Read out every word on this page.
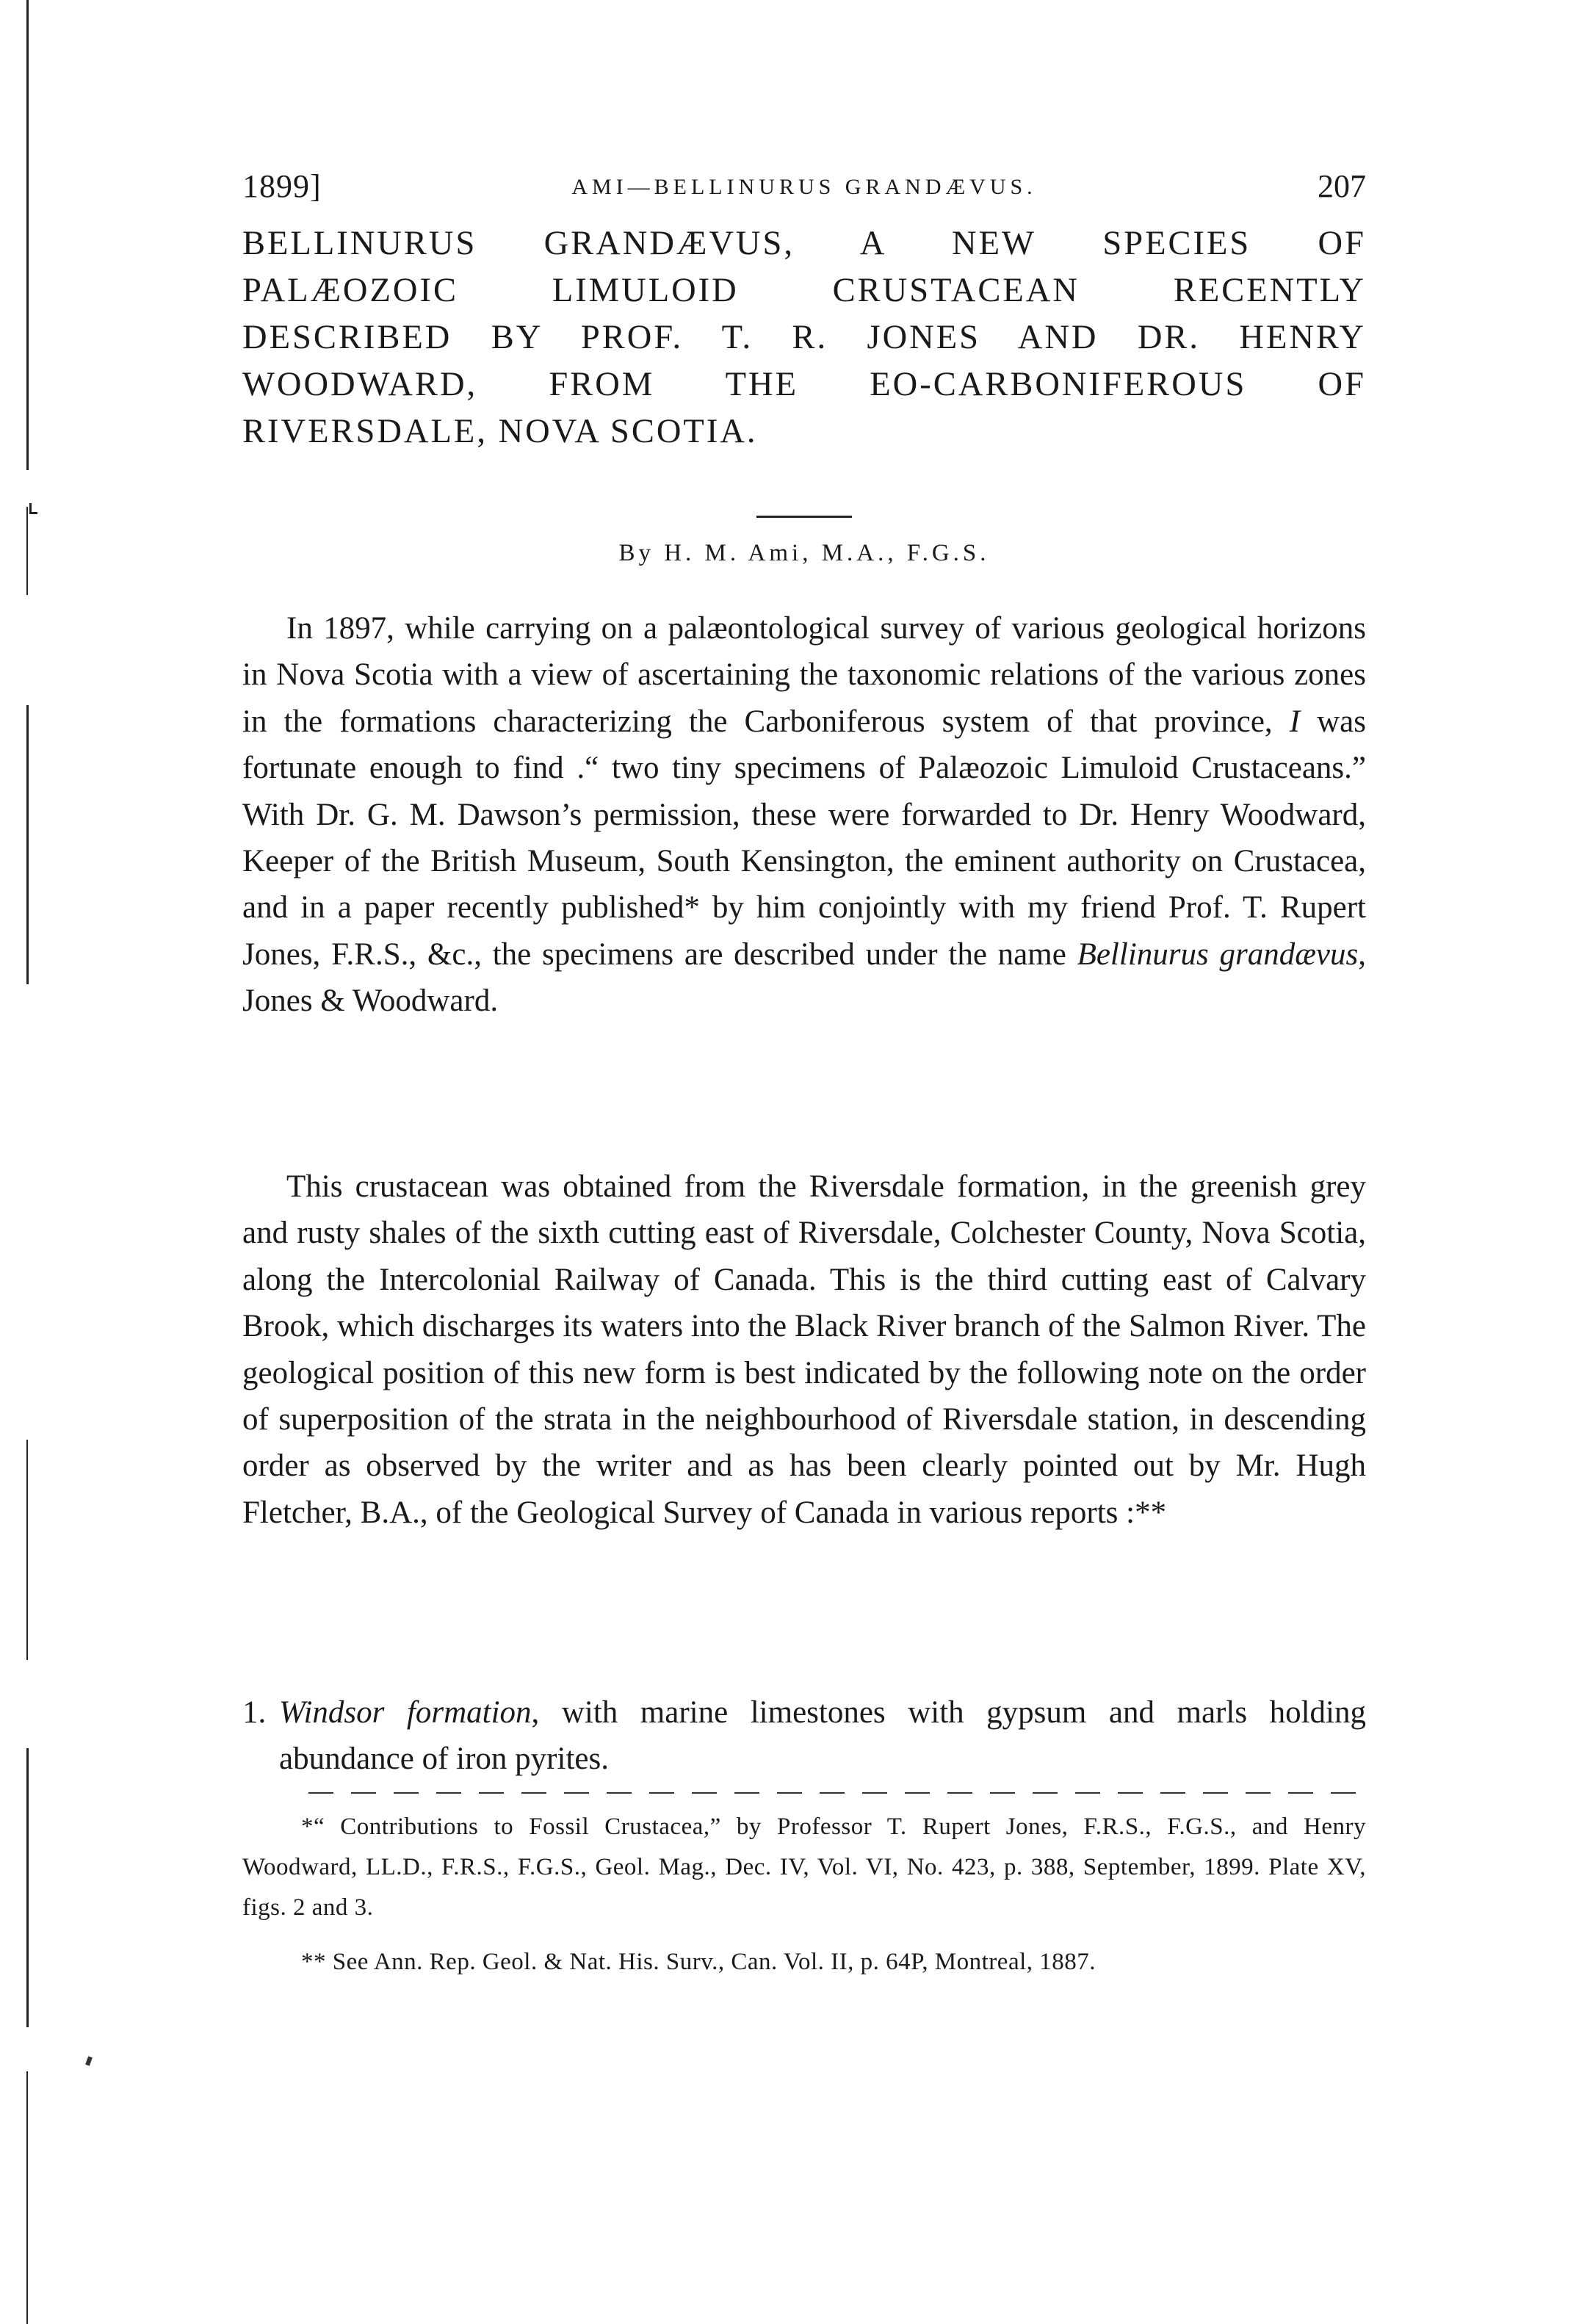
1899]	AMI—BELLINURUS GRANDÆVUS.	207
BELLINURUS GRANDÆVUS, A NEW SPECIES OF
PALÆOZOIC LIMULOID CRUSTACEAN RECENTLY
DESCRIBED BY PROF. T. R. JONES AND DR. HENRY
WOODWARD, FROM THE EO-CARBONIFEROUS OF
RIVERSDALE, NOVA SCOTIA.
By H. M. Ami, M.A., F.G.S.

In 1897, while carrying on a palæontological survey of various geological horizons in Nova Scotia with a view of ascertaining the taxonomic relations of the various zones in the formations characterizing the Carboniferous system of that province, I was fortunate enough to find .“ two tiny specimens of Palæozoic Limuloid Crustaceans.” With Dr. G. M. Dawson’s permission, these were forwarded to Dr. Henry Woodward, Keeper of the British Museum, South Kensington, the eminent authority on Crustacea, and in a paper recently published* by him conjointly with my friend Prof. T. Rupert Jones, F.R.S., &c., the specimens are described under the name Bellinurus grandævus, Jones & Woodward.

This crustacean was obtained from the Riversdale formation, in the greenish grey and rusty shales of the sixth cutting east of Riversdale, Colchester County, Nova Scotia, along the Intercolonial Railway of Canada. This is the third cutting east of Calvary Brook, which discharges its waters into the Black River branch of the Salmon River. The geological position of this new form is best indicated by the following note on the order of superposition of the strata in the neighbourhood of Riversdale station, in descending order as observed by the writer and as has been clearly pointed out by Mr. Hugh Fletcher, B.A., of the Geological Survey of Canada in various reports :**

1. Windsor formation, with marine limestones with gypsum and marls holding abundance of iron pyrites.

*“ Contributions to Fossil Crustacea,” by Professor T. Rupert Jones, F.R.S., F.G.S., and Henry Woodward, LL.D., F.R.S., F.G.S., Geol. Mag., Dec. IV, Vol. VI, No. 423, p. 388, September, 1899. Plate XV, figs. 2 and 3.

** See Ann. Rep. Geol. & Nat. His. Surv., Can. Vol. II, p. 64P, Montreal, 1887.
